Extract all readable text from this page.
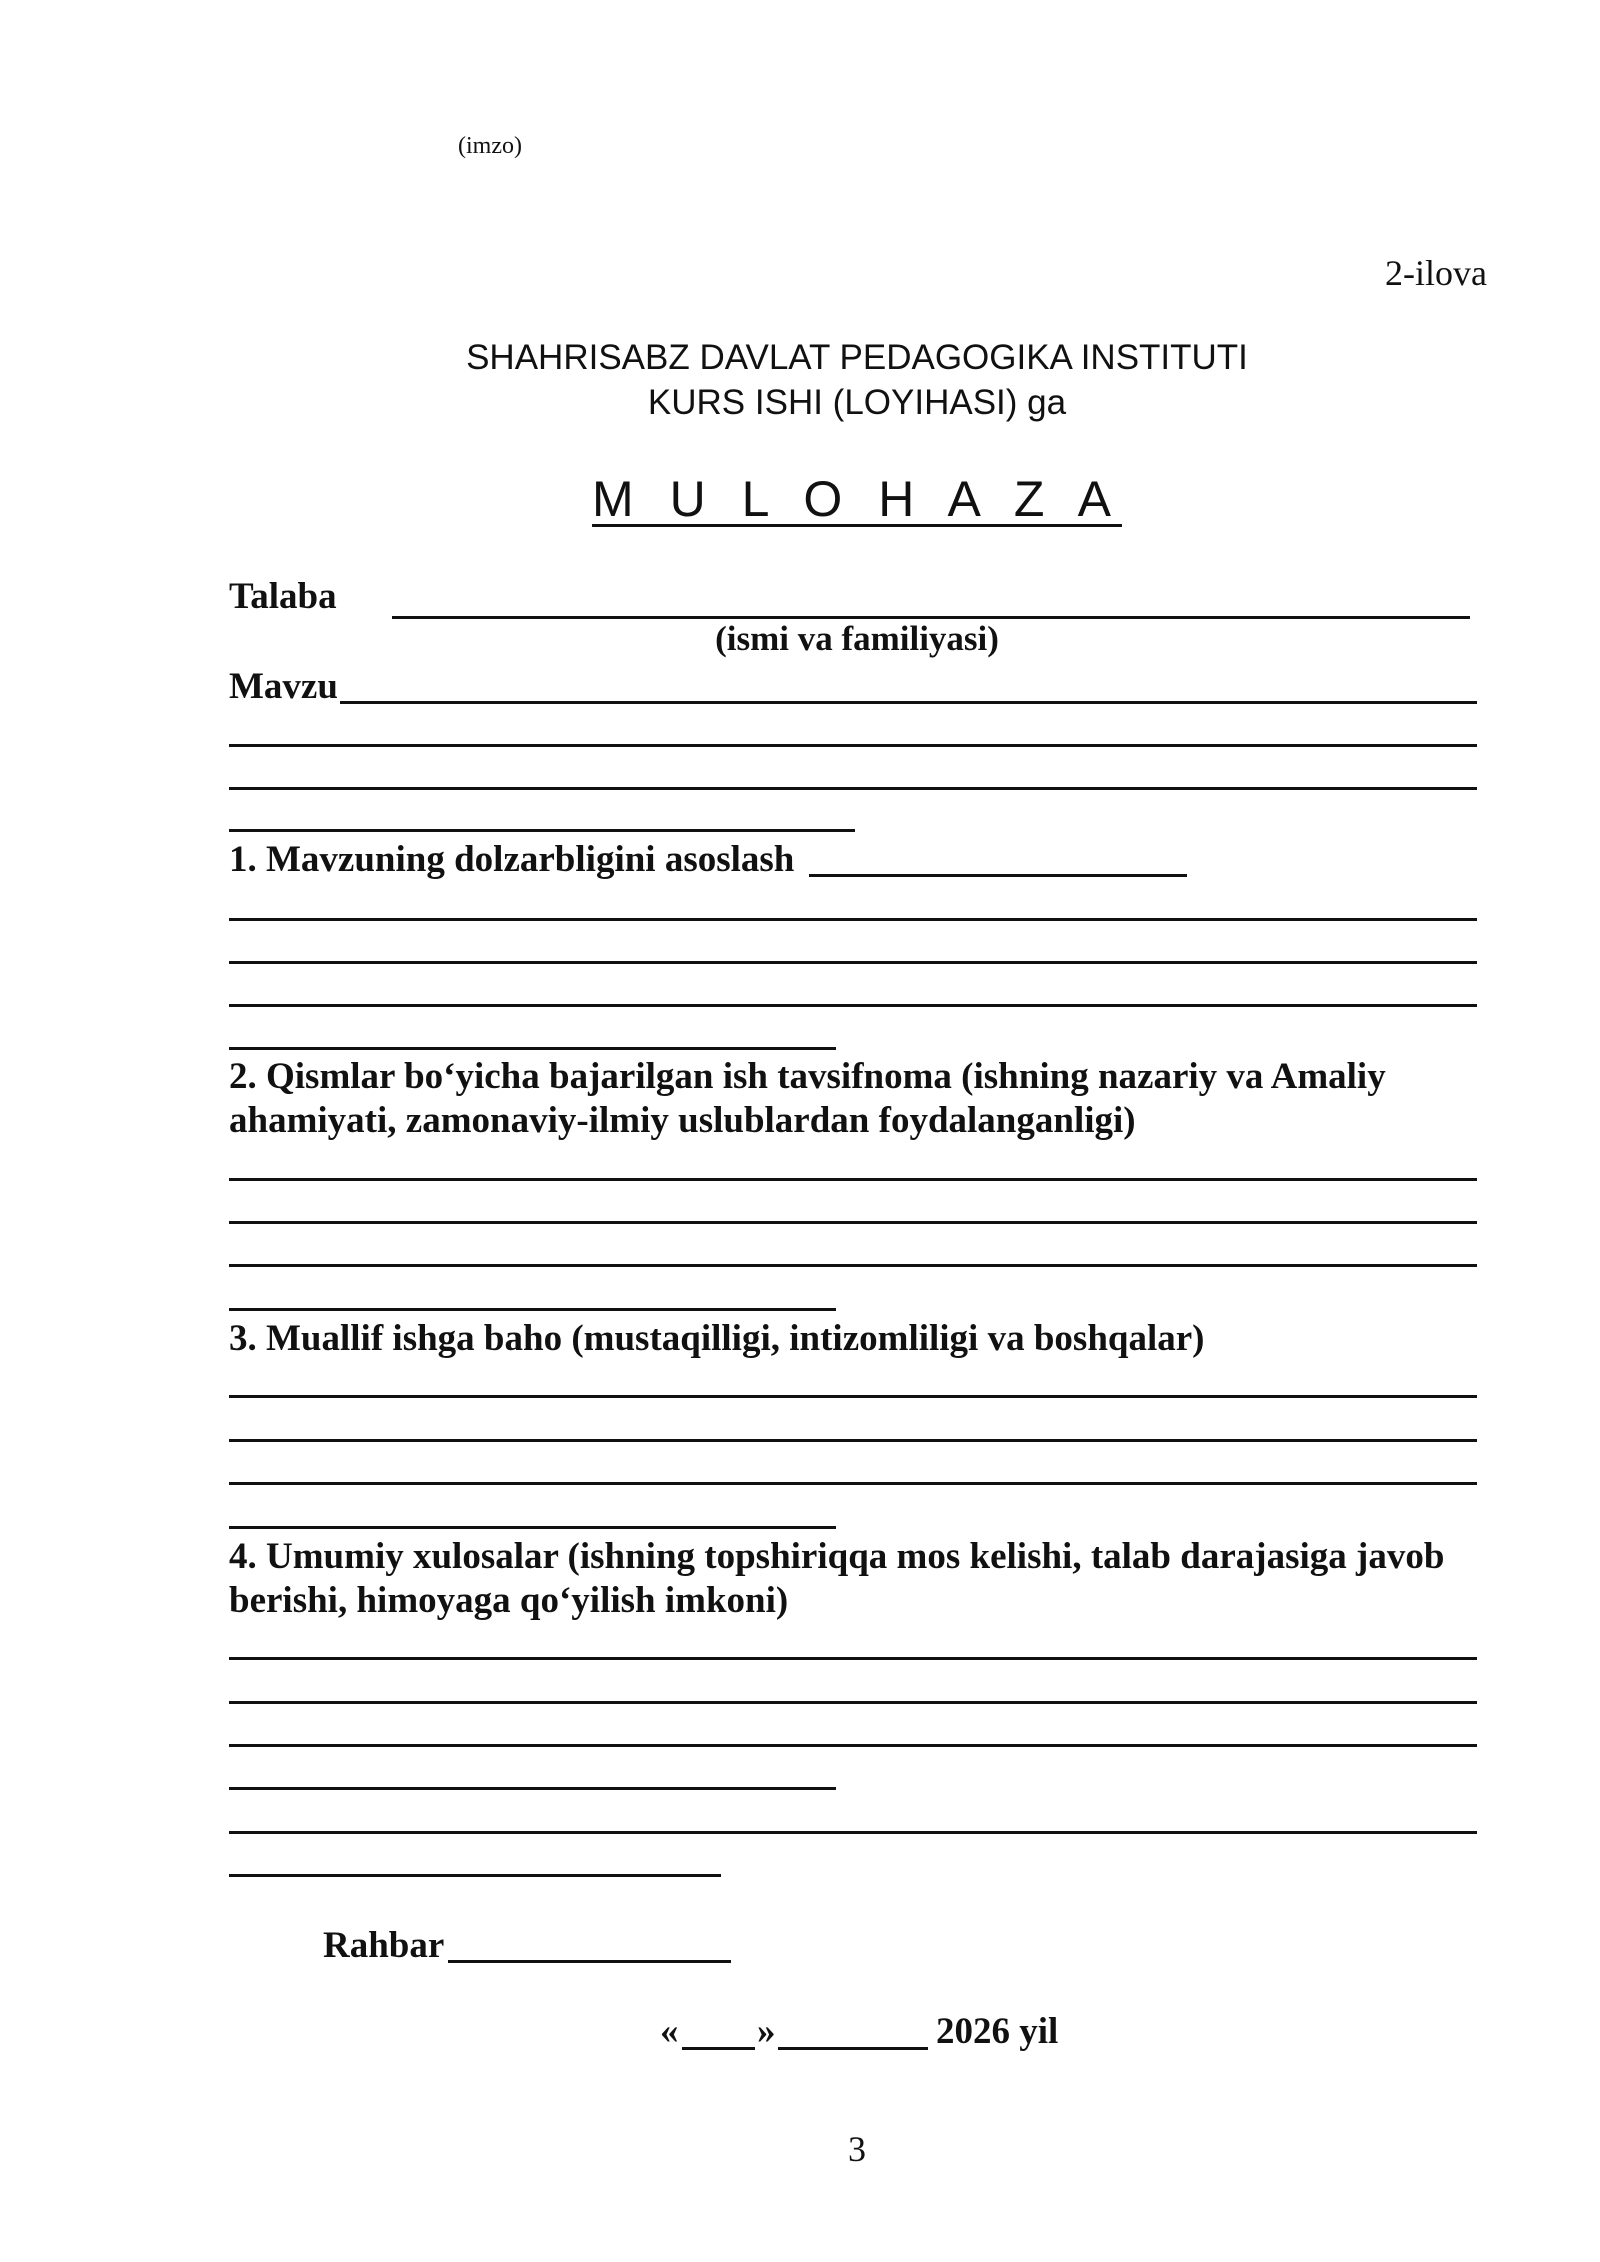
(imzo)
2-ilova
SHAHRISABZ DAVLAT PEDAGOGIKA INSTITUTI
KURS ISHI (LOYIHASI) ga
M U L O H A Z A
Talaba
(ismi va familiyasi)
Mavzu
1. Mavzuning dolzarbligini asoslash
2. Qismlar bo‘yicha bajarilgan ish tavsifnoma (ishning nazariy va Amaliy ahamiyati, zamonaviy-ilmiy uslublardan foydalanganligi)
3. Muallif ishga baho (mustaqilligi, intizomliligi va boshqalar)
4. Umumiy xulosalar (ishning topshiriqqa mos kelishi, talab darajasiga javob berishi, himoyaga qo‘yilish imkoni)
Rahbar
« »	2026 yil
3
